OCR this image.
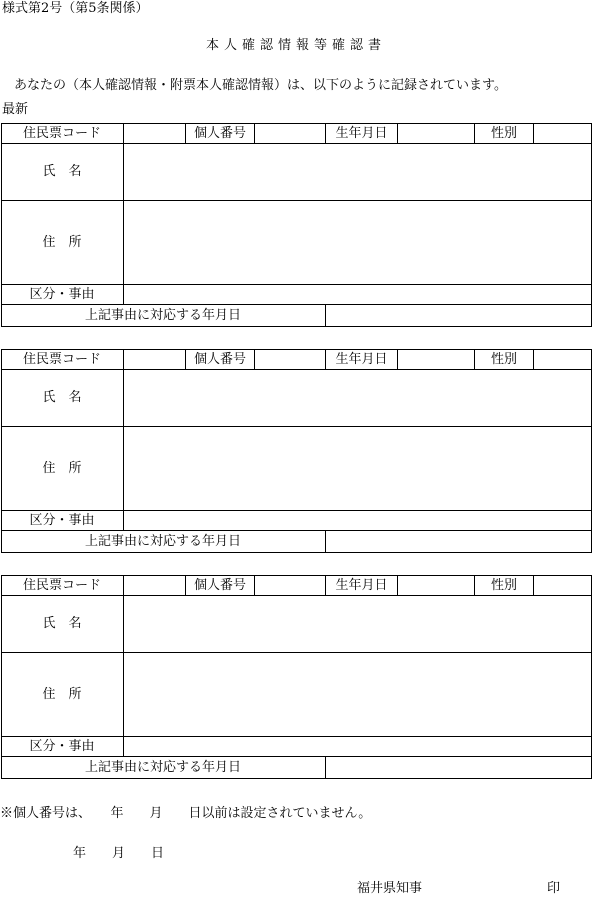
様式第2号（第5条関係）
本人確認情報等確認書
あなたの（本人確認情報・附票本人確認情報）は、以下のように記録されています。
最新
住民票コード	個人番号	生年月日	性別
氏　名
住　所
区分・事由
上記事由に対応する年月日
住民票コード	個人番号	生年月日	性別
氏　名
住　所
区分・事由
上記事由に対応する年月日
住民票コード	個人番号	生年月日	性別
氏　名
住　所
区分・事由
上記事由に対応する年月日
※個人番号は、　　年　　月　　日以前は設定されていません。
年　　月　　日
福井県知事	印
